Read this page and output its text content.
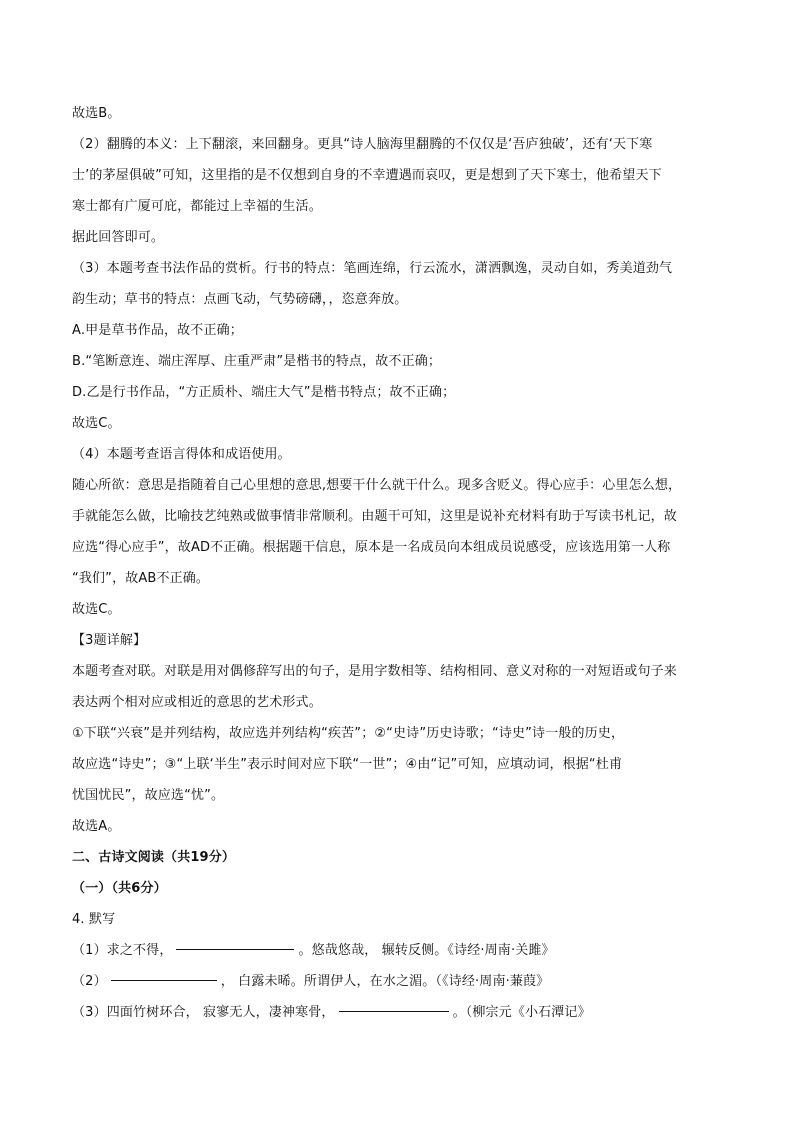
故选B。
（2）翻腾的本义：上下翻滚，来回翻身。更具“诗人脑海里翻腾的不仅仅是‘吾庐独破’，还有‘天下寒
士’的茅屋俱破”可知，这里指的是不仅想到自身的不幸遭遇而哀叹，更是想到了天下寒士，他希望天下
寒士都有广厦可庇，都能过上幸福的生活。
据此回答即可。
（3）本题考查书法作品的赏析。行书的特点：笔画连绵，行云流水，潇洒飘逸，灵动自如，秀美道劲气
韵生动；草书的特点：点画飞动，气势磅礴，，恣意奔放。
A.甲是草书作品，故不正确；
B.“笔断意连、端庄浑厚、庄重严肃”是楷书的特点，故不正确；
D.乙是行书作品，“方正质朴、端庄大气”是楷书特点；故不正确；
故选C。
（4）本题考查语言得体和成语使用。
随心所欲：意思是指随着自己心里想的意思,想要干什么就干什么。现多含贬义。得心应手：心里怎么想，
手就能怎么做，比喻技艺纯熟或做事情非常顺利。由题干可知，这里是说补充材料有助于写读书札记，故
应选“得心应手”，故AD不正确。根据题干信息，原本是一名成员向本组成员说感受，应该选用第一人称
“我们”，故AB不正确。
故选C。
【3题详解】
本题考查对联。对联是用对偶修辞写出的句子，是用字数相等、结构相同、意义对称的一对短语或句子来
表达两个相对应或相近的意思的艺术形式。
①下联“兴衰”是并列结构，故应选并列结构“疾苦”；②“史诗”历史诗歌；“诗史”诗一般的历史，
故应选“诗史”；③“上联‘半生”表示时间对应下联“一世”；④由“记”可知，应填动词，根据“杜甫
忧国忧民”，故应选“忧”。
故选A。
二、古诗文阅读（共19分）
（一）（共6分）
4. 默写
（1）求之不得，	。悠哉悠哉， 辗转反侧。《诗经·周南·关雎》
（2）	， 白露未晞。所谓伊人，在水之湄。（《诗经·周南·蒹葭》
（3）四面竹树环合， 寂寥无人，凄神寒骨，	。（柳宗元《小石潭记》
